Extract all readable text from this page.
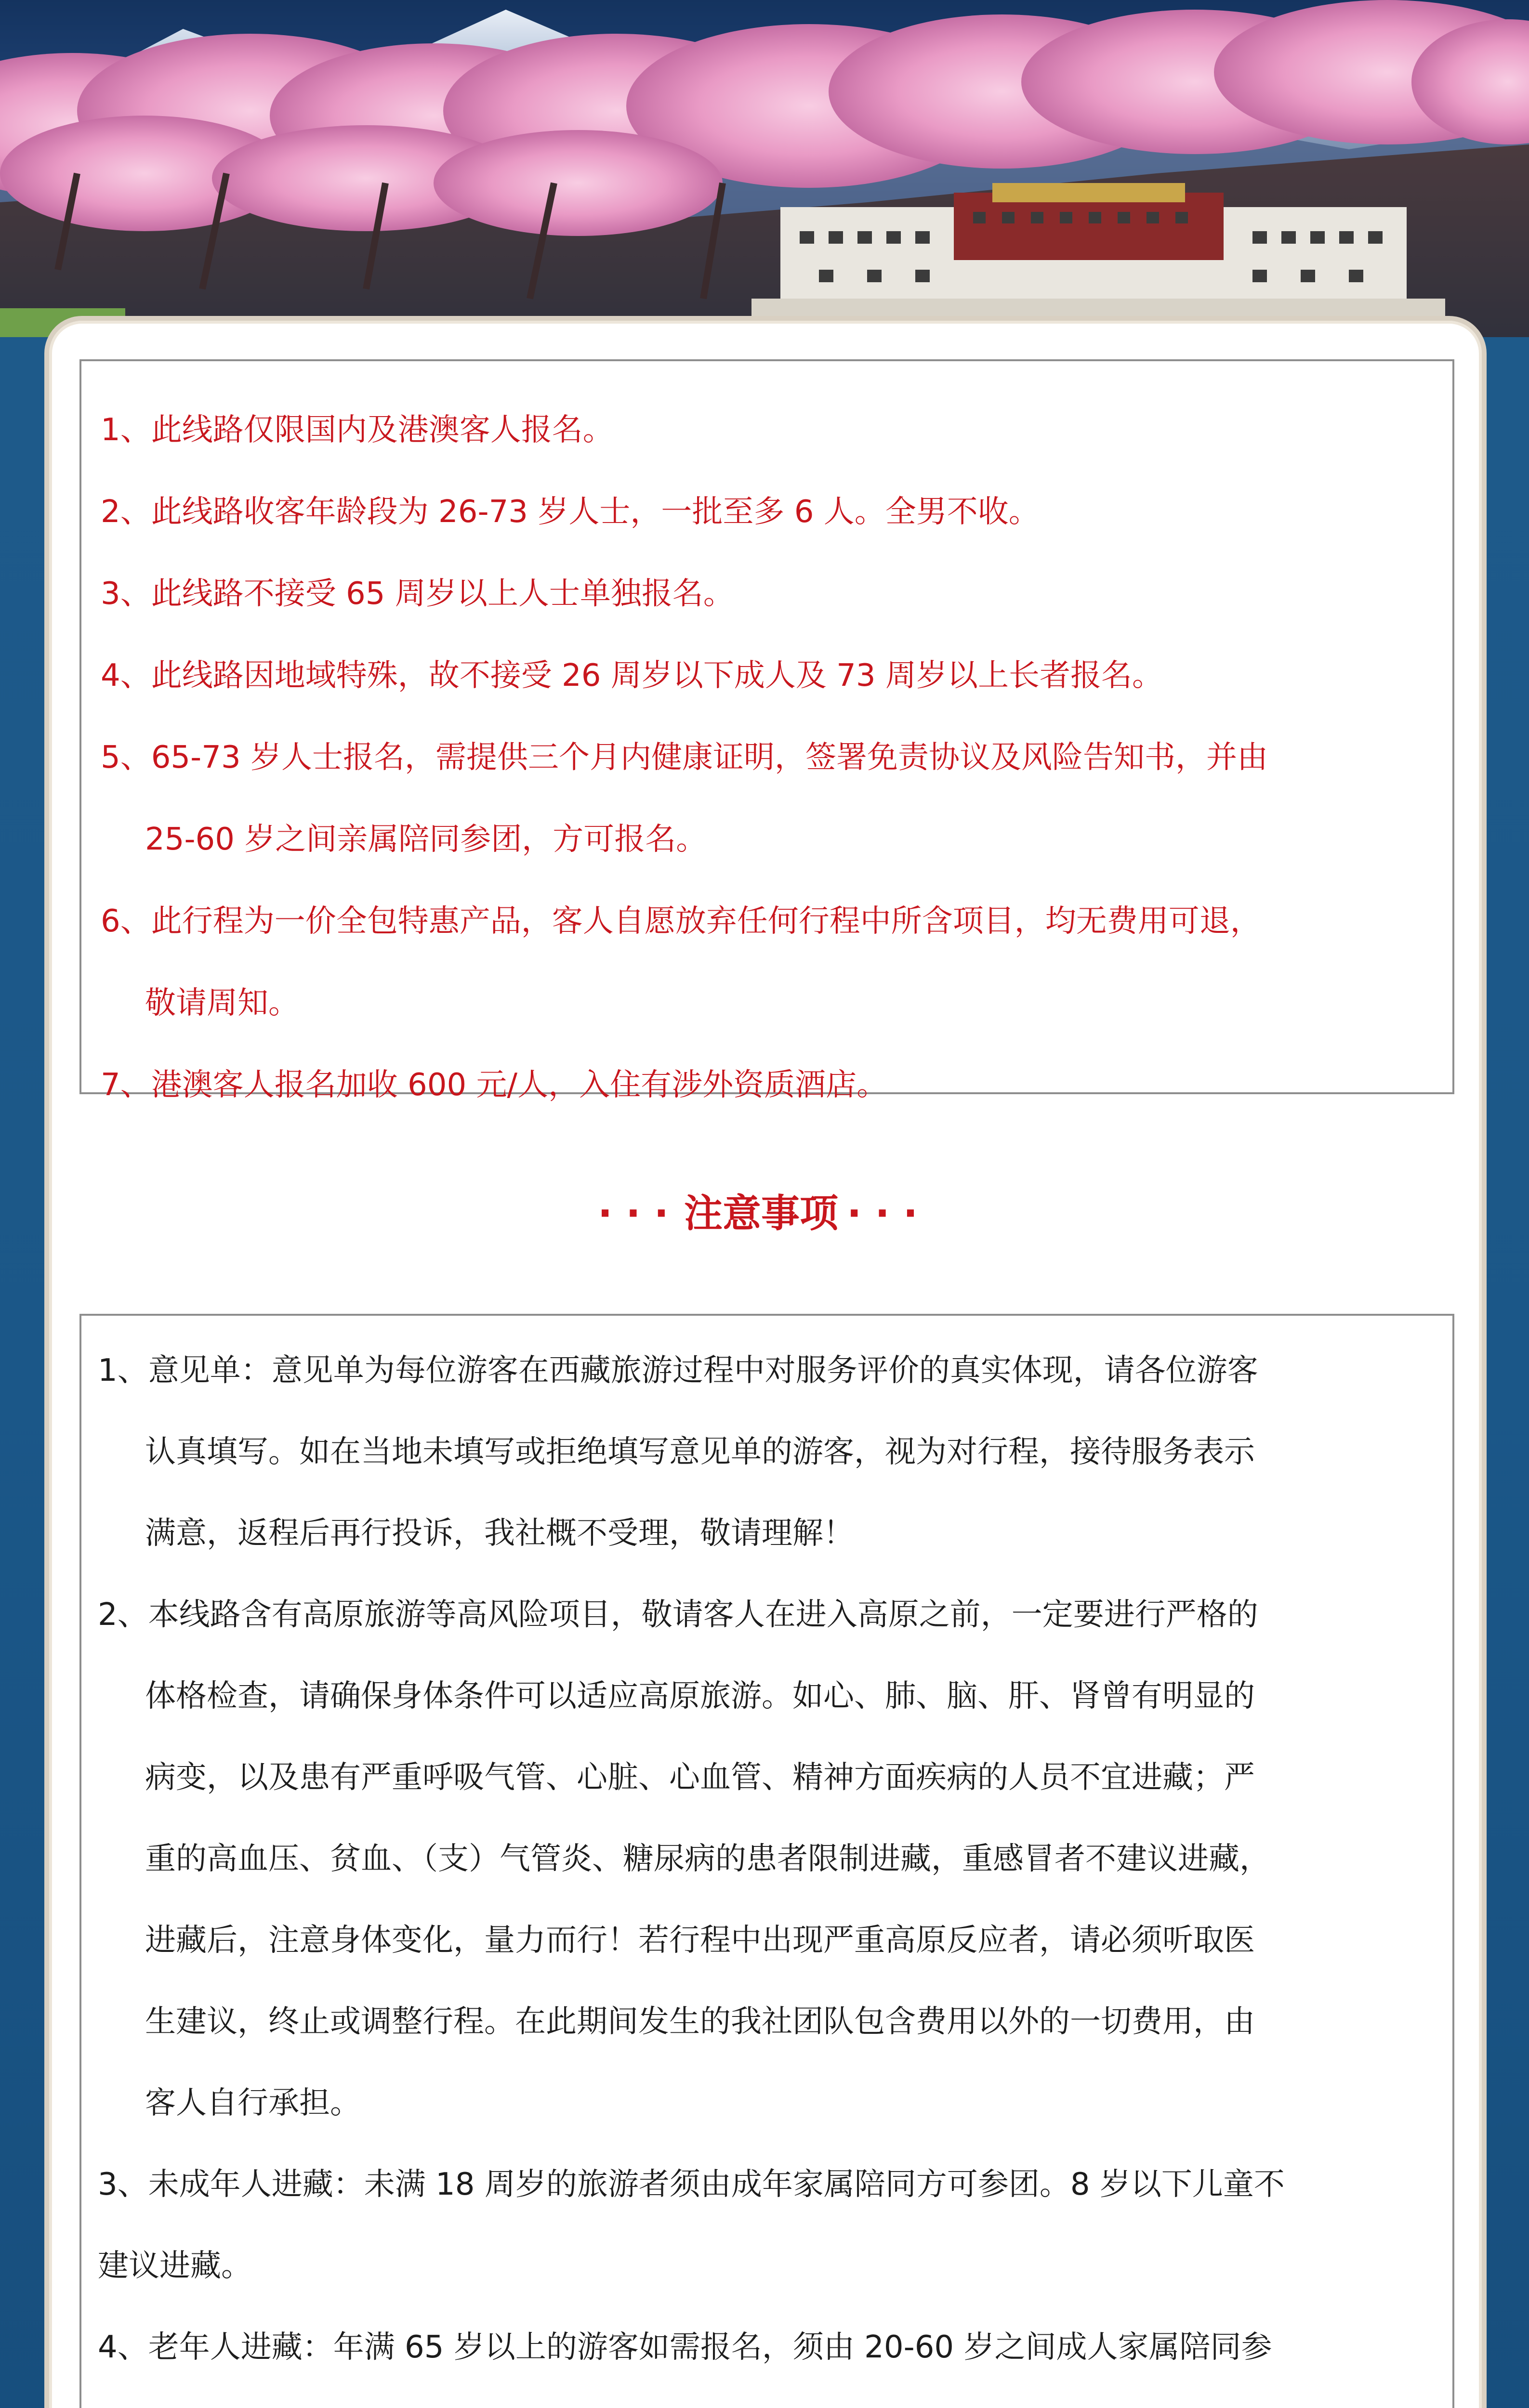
1、此线路仅限国内及港澳客人报名。
2、此线路收客年龄段为 26-73 岁人士，一批至多 6 人。全男不收。
3、此线路不接受 65 周岁以上人士单独报名。
4、此线路因地域特殊，故不接受 26 周岁以下成人及 73 周岁以上长者报名。
5、65-73 岁人士报名，需提供三个月内健康证明，签署免责协议及风险告知书，并由
25-60 岁之间亲属陪同参团，方可报名。
6、此行程为一价全包特惠产品，客人自愿放弃任何行程中所含项目，均无费用可退，
敬请周知。
7、港澳客人报名加收 600 元/人，入住有涉外资质酒店。
···注意事项 ···
1、意见单：意见单为每位游客在西藏旅游过程中对服务评价的真实体现，请各位游客
认真填写。如在当地未填写或拒绝填写意见单的游客，视为对行程，接待服务表示
满意，返程后再行投诉，我社概不受理，敬请理解！
2、本线路含有高原旅游等高风险项目，敬请客人在进入高原之前，一定要进行严格的
体格检查，请确保身体条件可以适应高原旅游。如心、肺、脑、肝、肾曾有明显的
病变，以及患有严重呼吸气管、心脏、心血管、精神方面疾病的人员不宜进藏；严
重的高血压、贫血、（支）气管炎、糖尿病的患者限制进藏，重感冒者不建议进藏，
进藏后，注意身体变化，量力而行！若行程中出现严重高原反应者，请必须听取医
生建议，终止或调整行程。在此期间发生的我社团队包含费用以外的一切费用，由
客人自行承担。
3、未成年人进藏：未满 18 周岁的旅游者须由成年家属陪同方可参团。8 岁以下儿童不
建议进藏。
4、老年人进藏：年满 65 岁以上的游客如需报名，须由 20-60 岁之间成人家属陪同参
